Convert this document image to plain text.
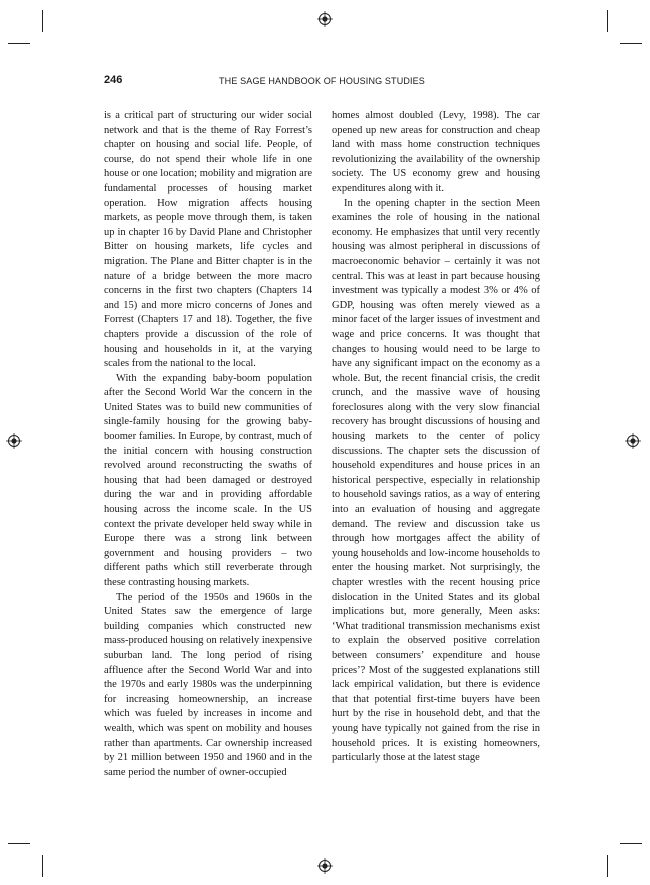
246	THE SAGE HANDBOOK OF HOUSING STUDIES

is a critical part of structuring our wider social network and that is the theme of Ray Forrest’s chapter on housing and social life. People, of course, do not spend their whole life in one house or one location; mobility and migration are fundamental processes of housing market operation. How migration affects housing markets, as people move through them, is taken up in chapter 16 by David Plane and Christopher Bitter on housing markets, life cycles and migration. The Plane and Bitter chapter is in the nature of a bridge between the more macro concerns in the first two chapters (Chapters 14 and 15) and more micro concerns of Jones and Forrest (Chapters 17 and 18). Together, the five chapters provide a discussion of the role of housing and households in it, at the varying scales from the national to the local.

With the expanding baby-boom population after the Second World War the concern in the United States was to build new communities of single-family housing for the growing baby-boomer families. In Europe, by contrast, much of the initial concern with housing construction revolved around reconstructing the swaths of housing that had been damaged or destroyed during the war and in providing affordable housing across the income scale. In the US context the private developer held sway while in Europe there was a strong link between government and housing providers – two different paths which still reverberate through these contrasting housing markets.

The period of the 1950s and 1960s in the United States saw the emergence of large building companies which constructed new mass-produced housing on relatively inexpensive suburban land. The long period of rising affluence after the Second World War and into the 1970s and early 1980s was the underpinning for increasing homeownership, an increase which was fueled by increases in income and wealth, which was spent on mobility and houses rather than apartments. Car ownership increased by 21 million between 1950 and 1960 and in the same period the number of owner-occupied

homes almost doubled (Levy, 1998). The car opened up new areas for construction and cheap land with mass home construction techniques revolutionizing the availability of the ownership society. The US economy grew and housing expenditures along with it.

In the opening chapter in the section Meen examines the role of housing in the national economy. He emphasizes that until very recently housing was almost peripheral in discussions of macroeconomic behavior – certainly it was not central. This was at least in part because housing investment was typically a modest 3% or 4% of GDP, housing was often merely viewed as a minor facet of the larger issues of investment and wage and price concerns. It was thought that changes to housing would need to be large to have any significant impact on the economy as a whole. But, the recent financial crisis, the credit crunch, and the massive wave of housing foreclosures along with the very slow financial recovery has brought discussions of housing and housing markets to the center of policy discussions. The chapter sets the discussion of household expenditures and house prices in an historical perspective, especially in relationship to household savings ratios, as a way of entering into an evaluation of housing and aggregate demand. The review and discussion take us through how mortgages affect the ability of young households and low-income households to enter the housing market. Not surprisingly, the chapter wrestles with the recent housing price dislocation in the United States and its global implications but, more generally, Meen asks: ‘What traditional transmission mechanisms exist to explain the observed positive correlation between consumers’ expenditure and house prices’? Most of the suggested explanations still lack empirical validation, but there is evidence that that potential first-time buyers have been hurt by the rise in household debt, and that the young have typically not gained from the rise in household prices. It is existing homeowners, particularly those at the latest stage
